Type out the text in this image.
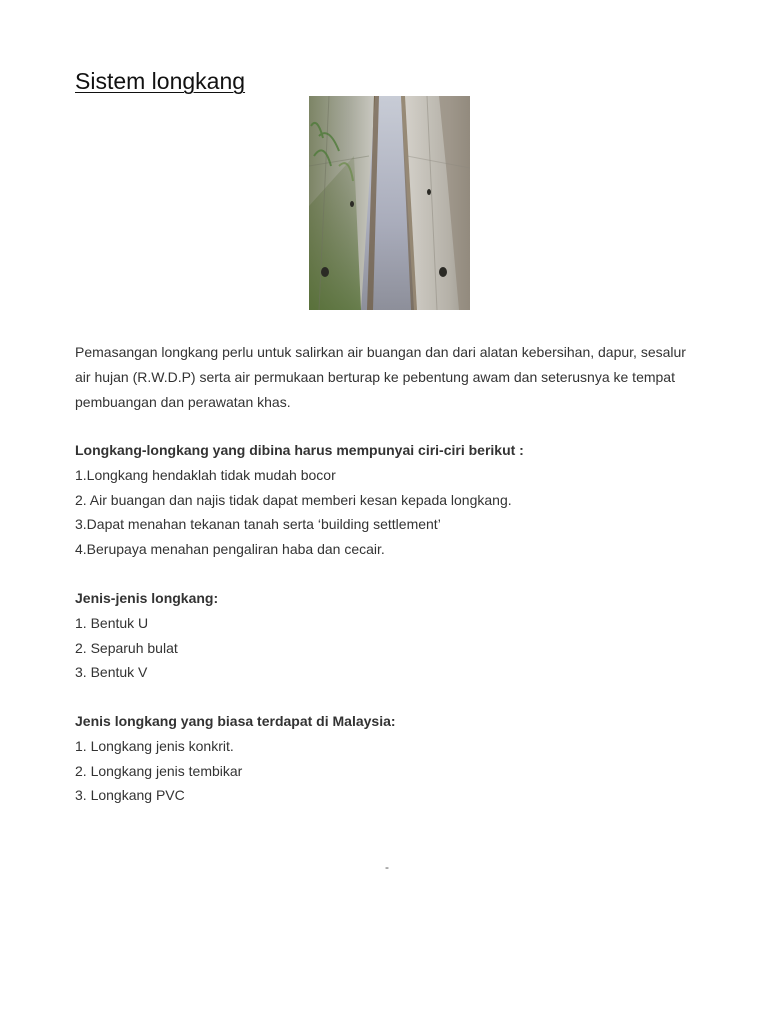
Sistem longkang
Pemasangan longkang perlu untuk salirkan air buangan dan dari alatan kebersihan, dapur, sesalur
air hujan (R.W.D.P) serta air permukaan berturap ke pebentung awam dan seterusnya ke tempat
pembuangan dan perawatan khas.
Longkang-longkang yang dibina harus mempunyai ciri-ciri berikut :
1.Longkang hendaklah tidak mudah bocor
2. Air buangan dan najis tidak dapat memberi kesan kepada longkang.
3.Dapat menahan tekanan tanah serta ‘building settlement’
4.Berupaya menahan pengaliran haba dan cecair.
Jenis-jenis longkang:
1. Bentuk U
2. Separuh bulat
3. Bentuk V
Jenis longkang yang biasa terdapat di Malaysia:
1. Longkang jenis konkrit.
2. Longkang jenis tembikar
3. Longkang PVC
-
